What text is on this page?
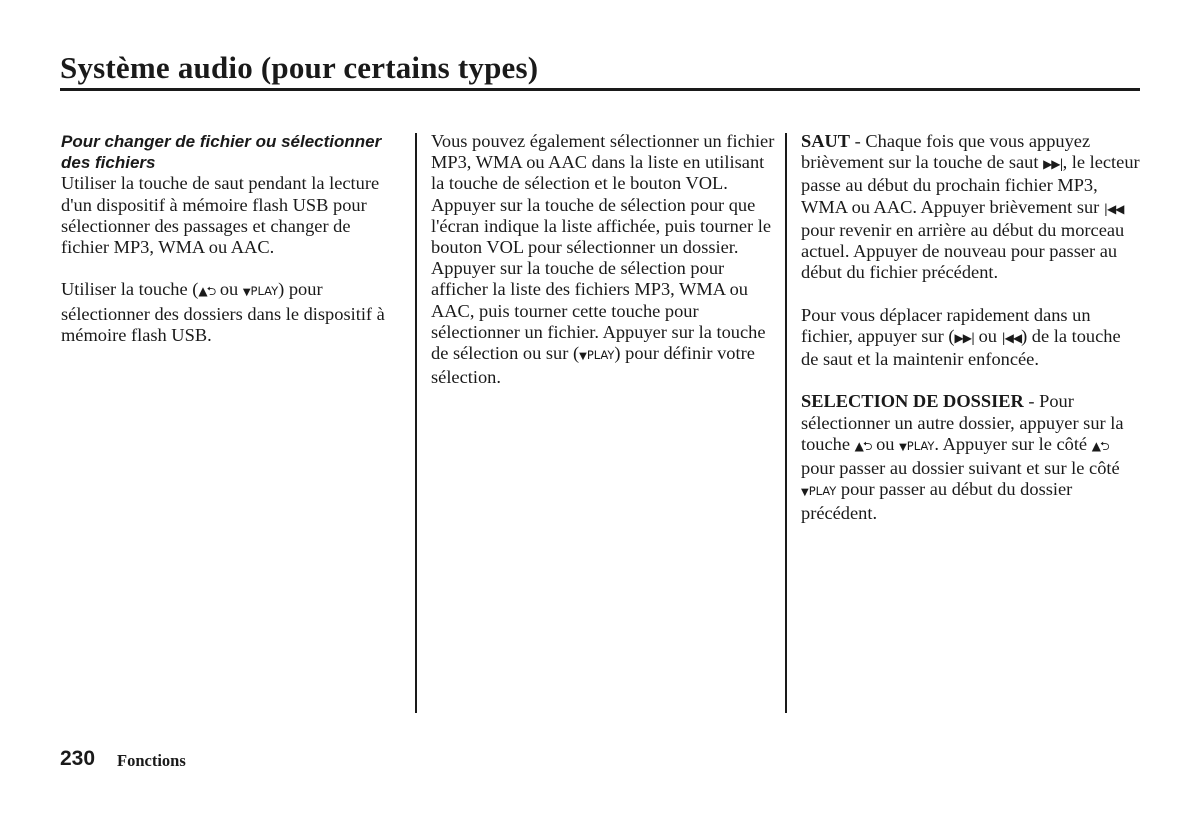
Système audio (pour certains types)
Pour changer de fichier ou sélectionner des fichiers

Utiliser la touche de saut pendant la lecture d'un dispositif à mémoire flash USB pour sélectionner des passages et changer de fichier MP3, WMA ou AAC.

Utiliser la touche (▲⮌ ou ▼PLAY) pour sélectionner des dossiers dans le dispositif à mémoire flash USB.

Vous pouvez également sélectionner un fichier MP3, WMA ou AAC dans la liste en utilisant la touche de sélection et le bouton VOL. Appuyer sur la touche de sélection pour que l'écran indique la liste affichée, puis tourner le bouton VOL pour sélectionner un dossier. Appuyer sur la touche de sélection pour afficher la liste des fichiers MP3, WMA ou AAC, puis tourner cette touche pour sélectionner un fichier. Appuyer sur la touche de sélection ou sur (▼PLAY) pour définir votre sélection.

SAUT - Chaque fois que vous appuyez brièvement sur la touche de saut ▶▶|, le lecteur passe au début du prochain fichier MP3, WMA ou AAC. Appuyer brièvement sur |◀◀ pour revenir en arrière au début du morceau actuel. Appuyer de nouveau pour passer au début du fichier précédent.

Pour vous déplacer rapidement dans un fichier, appuyer sur (▶▶| ou |◀◀) de la touche de saut et la maintenir enfoncée.

SELECTION DE DOSSIER - Pour sélectionner un autre dossier, appuyer sur la touche ▲⮌ ou ▼PLAY. Appuyer sur le côté ▲⮌ pour passer au dossier suivant et sur le côté ▼PLAY pour passer au début du dossier précédent.

230 Fonctions
